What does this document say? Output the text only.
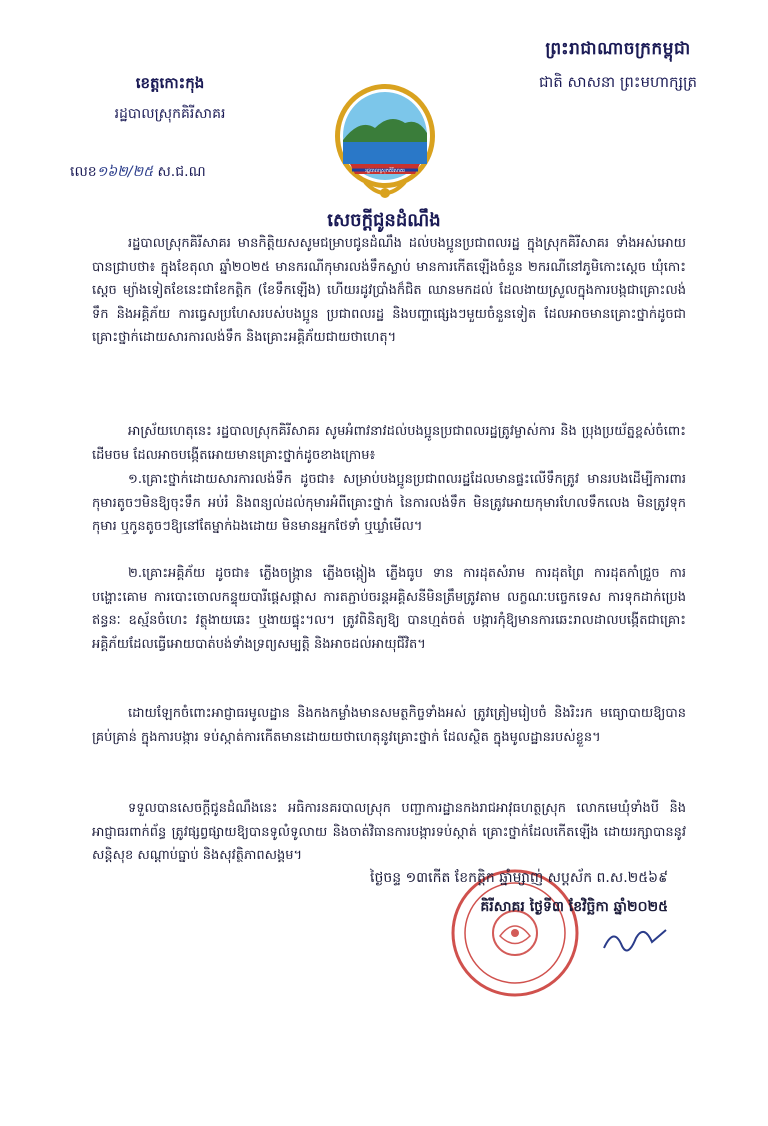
ព្រះរាជាណាចក្រកម្ពុជា
ជាតិ សាសនា ព្រះមហាក្សត្រ
ខេត្តកោះកុង
រដ្ឋបាលស្រុកគិរីសាគរ
លេខ១៦២/២៥ ស.ជ.ណ	រដ្ឋបាលស្រុកគិរីសាគរ
សេចក្តីជូនដំណឹង
រដ្ឋបាលស្រុកគិរីសាគរ មានកិត្តិយសសូមជម្រាបជូនដំណឹង ដល់បងប្អូនប្រជាពលរដ្ឋ ក្នុងស្រុកគិរីសាគរ ទាំងអស់អោយបានជ្រាបថា៖ ក្នុងខែតុលា ឆ្នាំ២០២៥ មានករណីកុមារលង់ទឹកស្លាប់ មានការកើតឡើងចំនួន ២ករណីនៅភូមិកោះស្តេច ឃុំកោះស្តេច ម្យ៉ាងទៀតខែនេះជាខែកត្តិក (ខែទឹកឡើង) ហើយរដូវប្រាំងក៏ជិត ឈានមកដល់ ដែលងាយស្រួលក្នុងការបង្កជាគ្រោះលង់ទឹក និងអគ្គិភ័យ ការធ្វេសប្រហែសរបស់បងប្អូន ប្រជាពលរដ្ឋ និងបញ្ហាផ្សេងៗមួយចំនួនទៀត ដែលអាចមានគ្រោះថ្នាក់ដូចជា គ្រោះថ្នាក់ដោយសារការលង់ទឹក និងគ្រោះអគ្គិភ័យជាយថាហេតុ។
អាស្រ័យហេតុនេះ រដ្ឋបាលស្រុកគិរីសាគរ សូមអំពាវនាវដល់បងប្អូនប្រជាពលរដ្ឋត្រូវម្ចាស់ការ និង ប្រុងប្រយ័ត្នខ្ពស់ចំពោះដើមចម ដែលអាចបង្កើតអោយមានគ្រោះថ្នាក់ដូចខាងក្រោម៖
១.គ្រោះថ្នាក់ដោយសារការលង់ទឹក ដូចជា៖ សម្រាប់បងប្អូនប្រជាពលរដ្ឋដែលមានផ្ទះលើទឹកត្រូវ មានរបងដើម្បីការពារកុមារតូចៗមិនឱ្យចុះទឹក អប់រំ និងពន្យល់ដល់កុមារអំពីគ្រោះថ្នាក់ នៃការលង់ទឹក មិនត្រូវអោយកុមារហែលទឹកលេង មិនត្រូវទុកកុមារ ឬកូនតូចៗឱ្យនៅតែម្នាក់ឯងដោយ មិនមានអ្នកថែទាំ ឬឃ្លាំមើល។
២.គ្រោះអគ្គិភ័យ ដូចជា៖ ភ្លើងចង្ក្រាន ភ្លើងចង្កៀង ភ្លើងធូប ទាន ការដុតសំរាម ការដុតព្រៃ ការដុតកាំជ្រួច ការបង្ហោះគោម ការបោះចោលកន្ទុយបារីផ្តេសផ្តាស ការតភ្ជាប់ចរន្តអគ្គិសនីមិនត្រឹមត្រូវតាម លក្ខណៈបច្ចេកទេស ការទុកដាក់ប្រេងឥន្ធនៈ ឧស្ម័នចំហេះ វត្ថុងាយឆេះ ឬងាយផ្ទុះ។ល។ ត្រូវពិនិត្យឱ្យ បានហ្មត់ចត់ បង្ការកុំឱ្យមានការឆេះរាលដាលបង្កើតជាគ្រោះអគ្គិភ័យដែលធ្វើអោយបាត់បង់ទាំងទ្រព្យសម្បត្តិ និងអាចដល់អាយុជីវិត។
ដោយឡែកចំពោះអាជ្ញាធរមូលដ្ឋាន និងកងកម្លាំងមានសមត្ថកិច្ចទាំងអស់ ត្រូវត្រៀមរៀបចំ និងរិះរក មធ្យោបាយឱ្យបានគ្រប់គ្រាន់ ក្នុងការបង្ការ ទប់ស្កាត់ការកើតមានដោយយថាហេតុនូវគ្រោះថ្នាក់ ដែលស្ថិត ក្នុងមូលដ្ឋានរបស់ខ្លួន។
ទទួលបានសេចក្តីជូនដំណឹងនេះ អធិការនគរបាលស្រុក បញ្ជាការដ្ឋានកងរាជអាវុធហត្ថស្រុក លោកមេឃុំទាំងបី និងអាជ្ញាធរពាក់ព័ន្ធ ត្រូវផ្សព្វផ្សាយឱ្យបានទូលំទូលាយ និងចាត់វិធានការបង្ការទប់ស្កាត់ គ្រោះថ្នាក់ដែលកើតឡើង ដោយរក្សាបាននូវសន្តិសុខ សណ្តាប់ធ្នាប់ និងសុវត្ថិភាពសង្គម។
ថ្ងៃចន្ទ ១៣កើត ខែកត្តិក ឆ្នាំម្សាញ់ សប្តស័ក ព.ស.២៥៦៩
គិរីសាគរ ថ្ងៃទី៣ ខែវិច្ឆិកា ឆ្នាំ២០២៥
